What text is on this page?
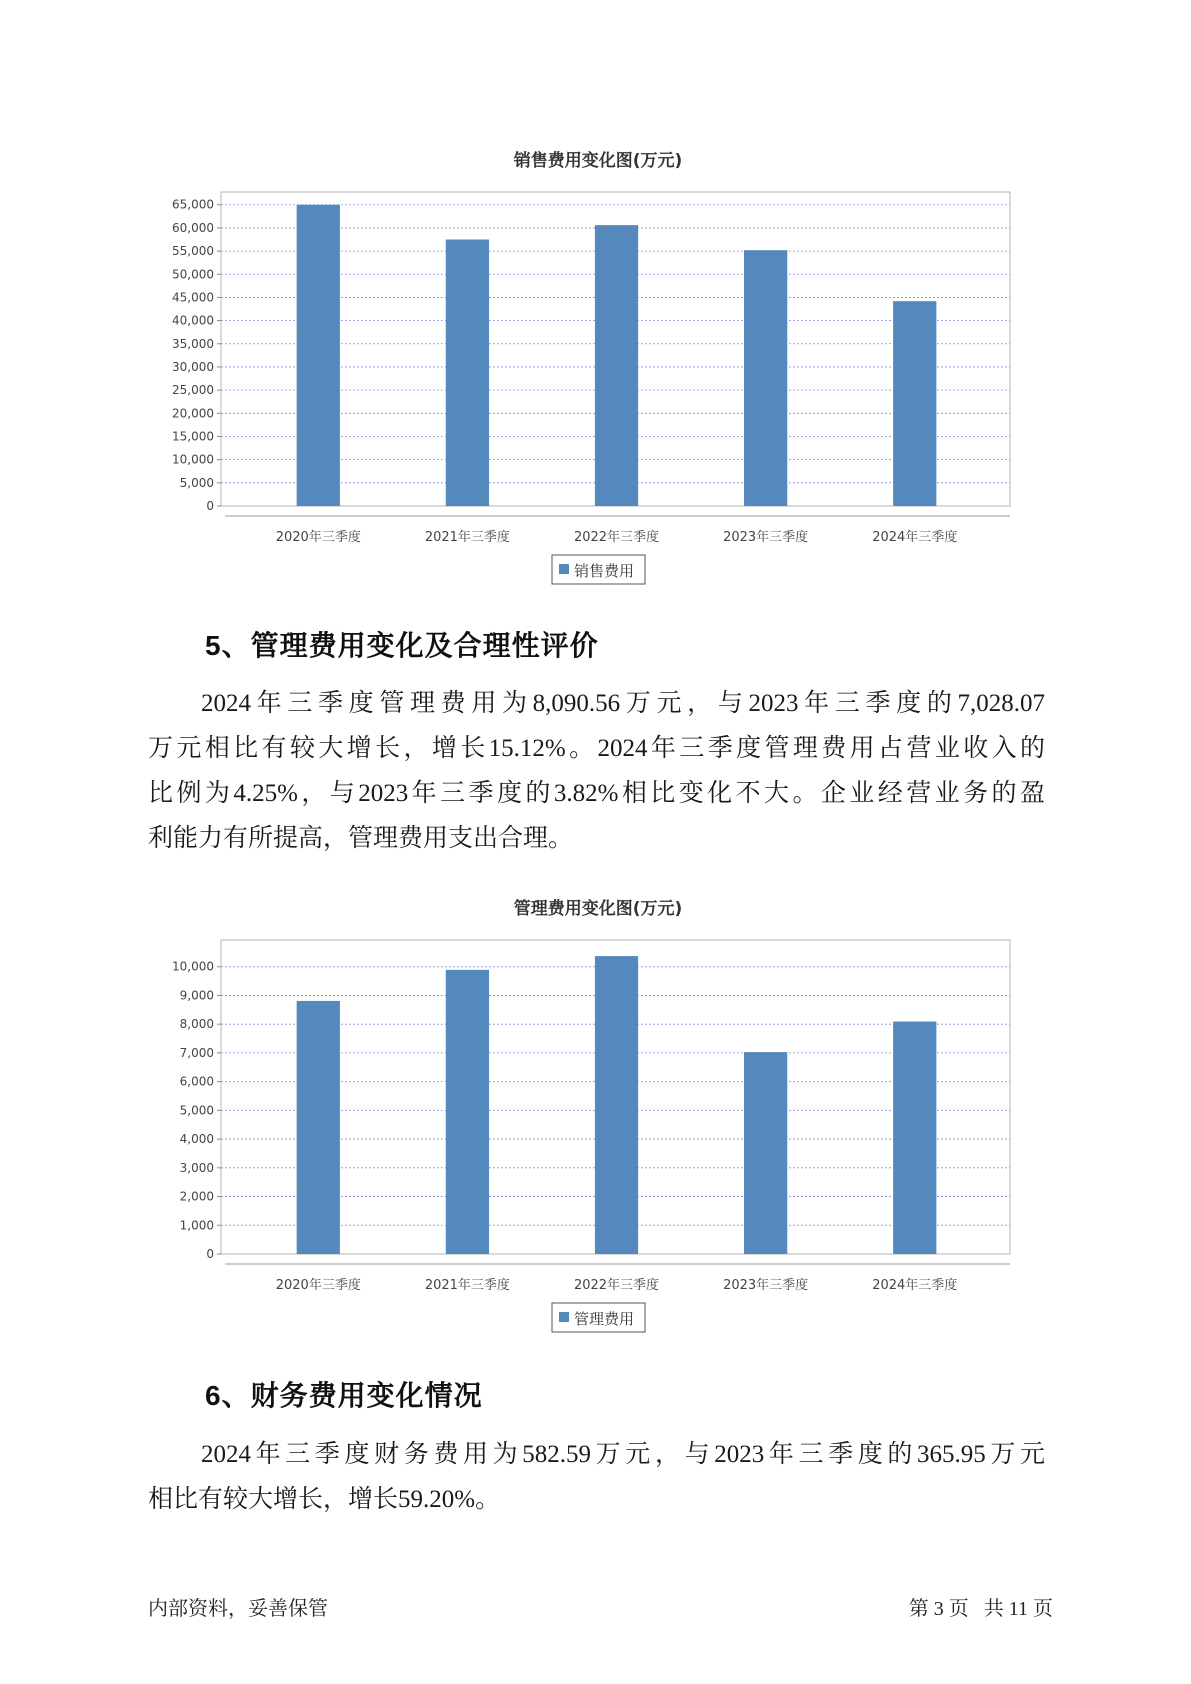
销售费用变化图(万元)
0
5,000
10,000
15,000
20,000
25,000
30,000
35,000
40,000
45,000
50,000
55,000
60,000
65,000
2020年三季度	2021年三季度	2022年三季度	2023年三季度	2024年三季度
销售费用
5、管理费用变化及合理性评价
2024年三季度管理费用为8,090.56万元，与2023年三季度的7,028.07
万元相比有较大增长，增长15.12%。2024年三季度管理费用占营业收入的
比例为4.25%，与2023年三季度的3.82%相比变化不大。企业经营业务的盈
利能力有所提高，管理费用支出合理。
管理费用变化图(万元)
0
1,000
2,000
3,000
4,000
5,000
6,000
7,000
8,000
9,000
10,000
2020年三季度	2021年三季度	2022年三季度	2023年三季度	2024年三季度
管理费用
6、财务费用变化情况
2024年三季度财务费用为582.59万元，与2023年三季度的365.95万元
相比有较大增长，增长59.20%。
内部资料，妥善保管	第 3 页   共 11 页
